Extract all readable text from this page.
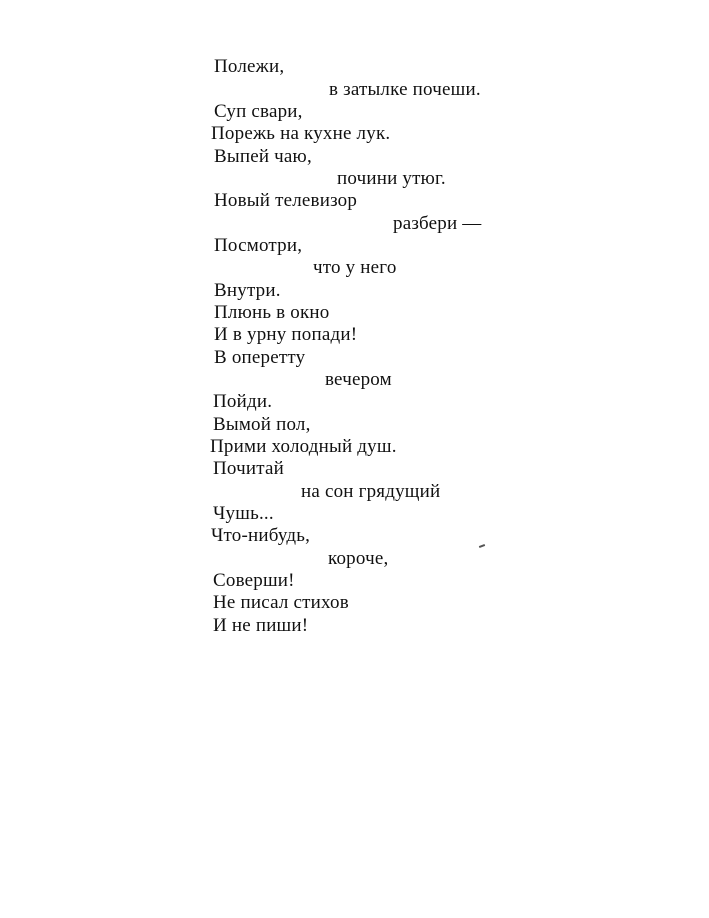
Полежи,
в затылке почеши.
Суп свари,
Порежь на кухне лук.
Выпей чаю,
почини утюг.
Новый телевизор
разбери —
Посмотри,
что у него
Внутри.
Плюнь в окно
И в урну попади!
В оперетту
вечером
Пойди.
Вымой пол,
Прими холодный душ.
Почитай
на сон грядущий
Чушь...
Что-нибудь,
короче,
Соверши!
Не писал стихов
И не пиши!
